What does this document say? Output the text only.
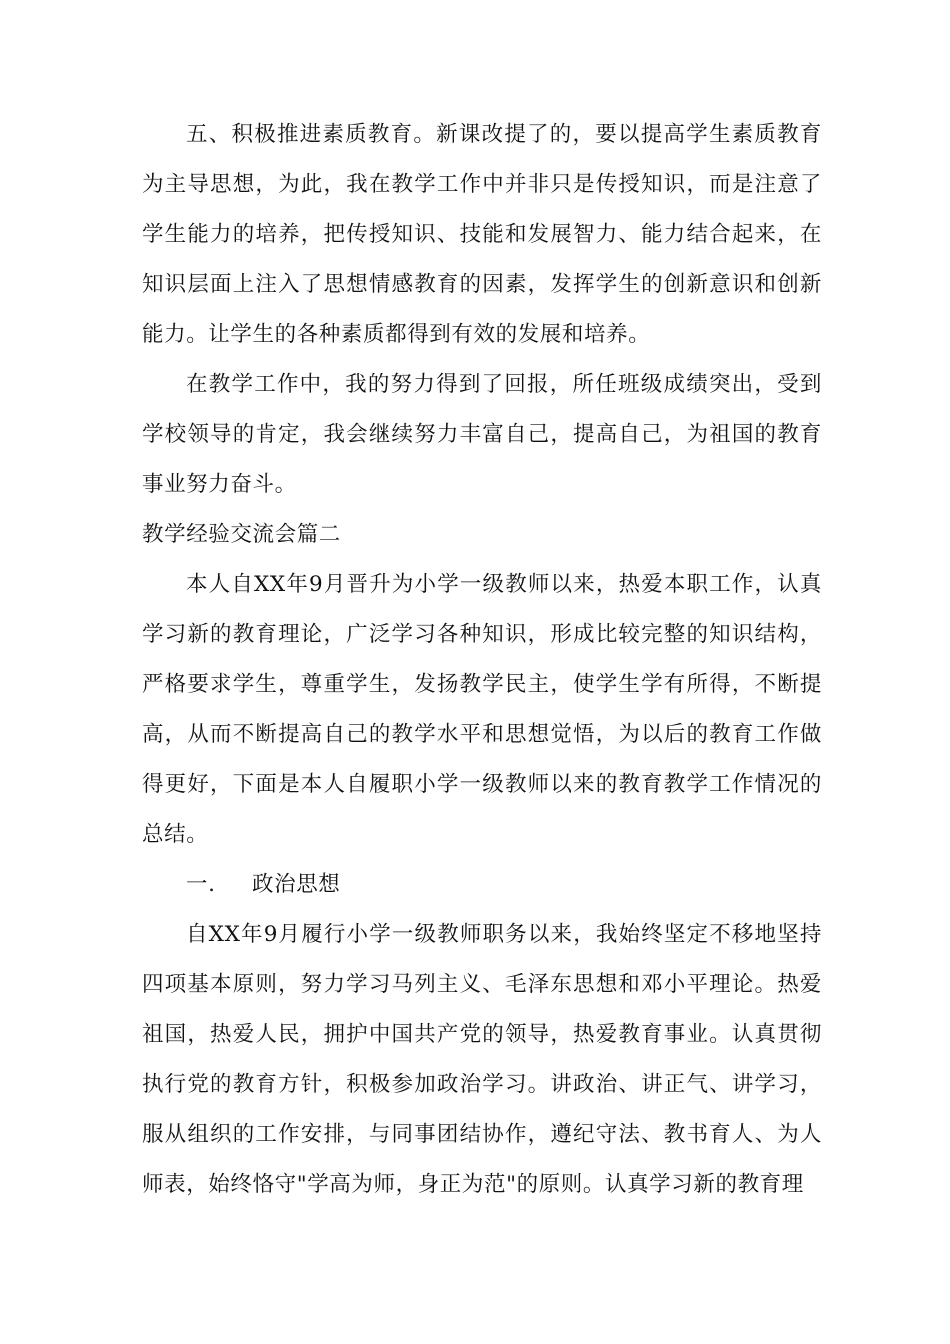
五、积极推进素质教育。新课改提了的，要以提高学生素质教育为主导思想，为此，我在教学工作中并非只是传授知识，而是注意了学生能力的培养，把传授知识、技能和发展智力、能力结合起来，在知识层面上注入了思想情感教育的因素，发挥学生的创新意识和创新能力。让学生的各种素质都得到有效的发展和培养。

在教学工作中，我的努力得到了回报，所任班级成绩突出，受到学校领导的肯定，我会继续努力丰富自己，提高自己，为祖国的教育事业努力奋斗。

教学经验交流会篇二

本人自XX年9月晋升为小学一级教师以来，热爱本职工作，认真学习新的教育理论，广泛学习各种知识，形成比较完整的知识结构，严格要求学生，尊重学生，发扬教学民主，使学生学有所得，不断提高，从而不断提高自己的教学水平和思想觉悟，为以后的教育工作做得更好，下面是本人自履职小学一级教师以来的教育教学工作情况的总结。

一. 政治思想

自XX年9月履行小学一级教师职务以来，我始终坚定不移地坚持四项基本原则，努力学习马列主义、毛泽东思想和邓小平理论。热爱祖国，热爱人民，拥护中国共产党的领导，热爱教育事业。认真贯彻执行党的教育方针，积极参加政治学习。讲政治、讲正气、讲学习，服从组织的工作安排，与同事团结协作，遵纪守法、教书育人、为人师表，始终恪守"学高为师，身正为范"的原则。认真学习新的教育理
